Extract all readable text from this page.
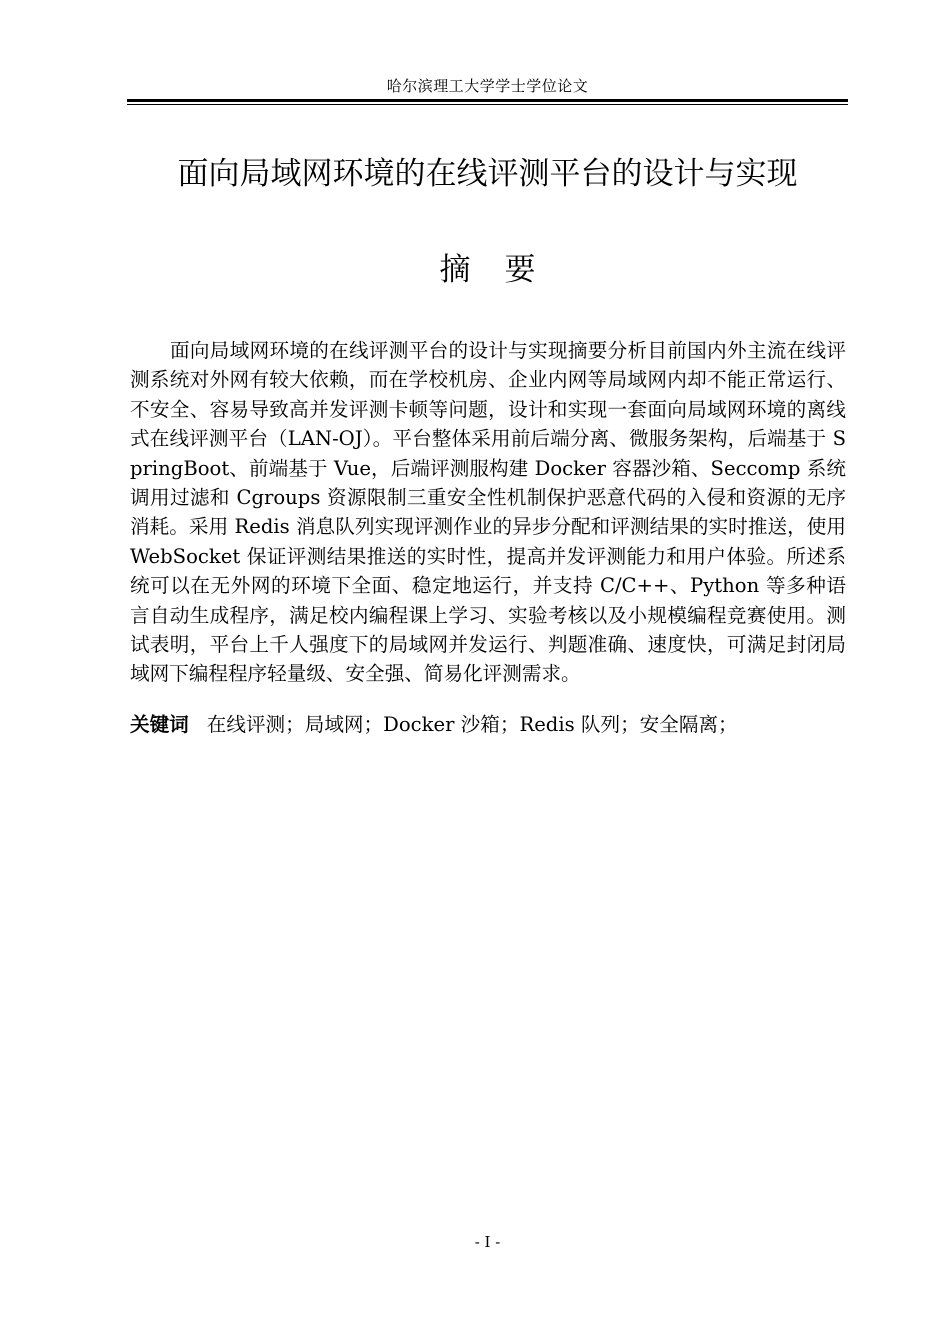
哈尔滨理工大学学士学位论文
面向局域网环境的在线评测平台的设计与实现
摘要

面向局域网环境的在线评测平台的设计与实现摘要分析目前国内外主流在线评测系统对外网有较大依赖，而在学校机房、企业内网等局域网内却不能正常运行、不安全、容易导致高并发评测卡顿等问题，设计和实现一套面向局域网环境的离线式在线评测平台（LAN-OJ）。平台整体采用前后端分离、微服务架构，后端基于 SpringBoot、前端基于 Vue，后端评测服构建 Docker 容器沙箱、Seccomp 系统调用过滤和 Cgroups 资源限制三重安全性机制保护恶意代码的入侵和资源的无序消耗。采用 Redis 消息队列实现评测作业的异步分配和评测结果的实时推送，使用 WebSocket 保证评测结果推送的实时性，提高并发评测能力和用户体验。所述系统可以在无外网的环境下全面、稳定地运行，并支持 C/C++、Python 等多种语言自动生成程序，满足校内编程课上学习、实验考核以及小规模编程竞赛使用。测试表明，平台上千人强度下的局域网并发运行、判题准确、速度快，可满足封闭局域网下编程程序轻量级、安全强、简易化评测需求。

关键词 在线评测；局域网；Docker 沙箱；Redis 队列；安全隔离；
- I -
